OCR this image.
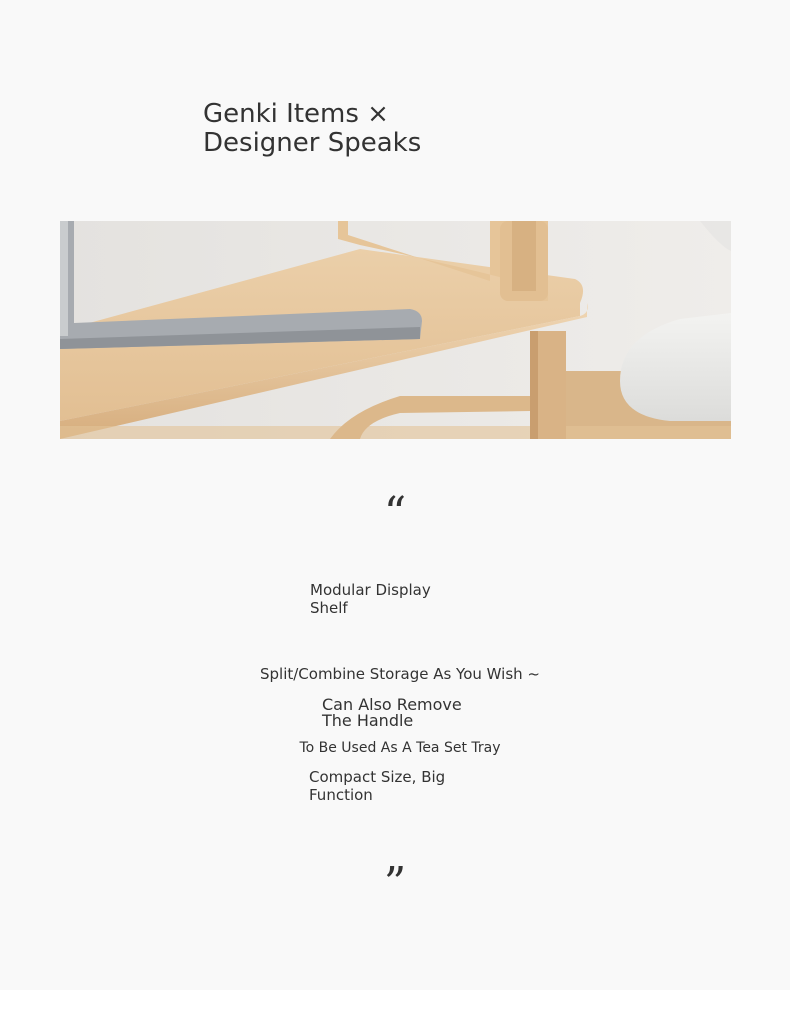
Genki Items × Designer Speaks
“
Modular Display Shelf
Split/Combine Storage As You Wish ~
Can Also Remove The Handle
To Be Used As A Tea Set Tray
Compact Size, Big Function
”
